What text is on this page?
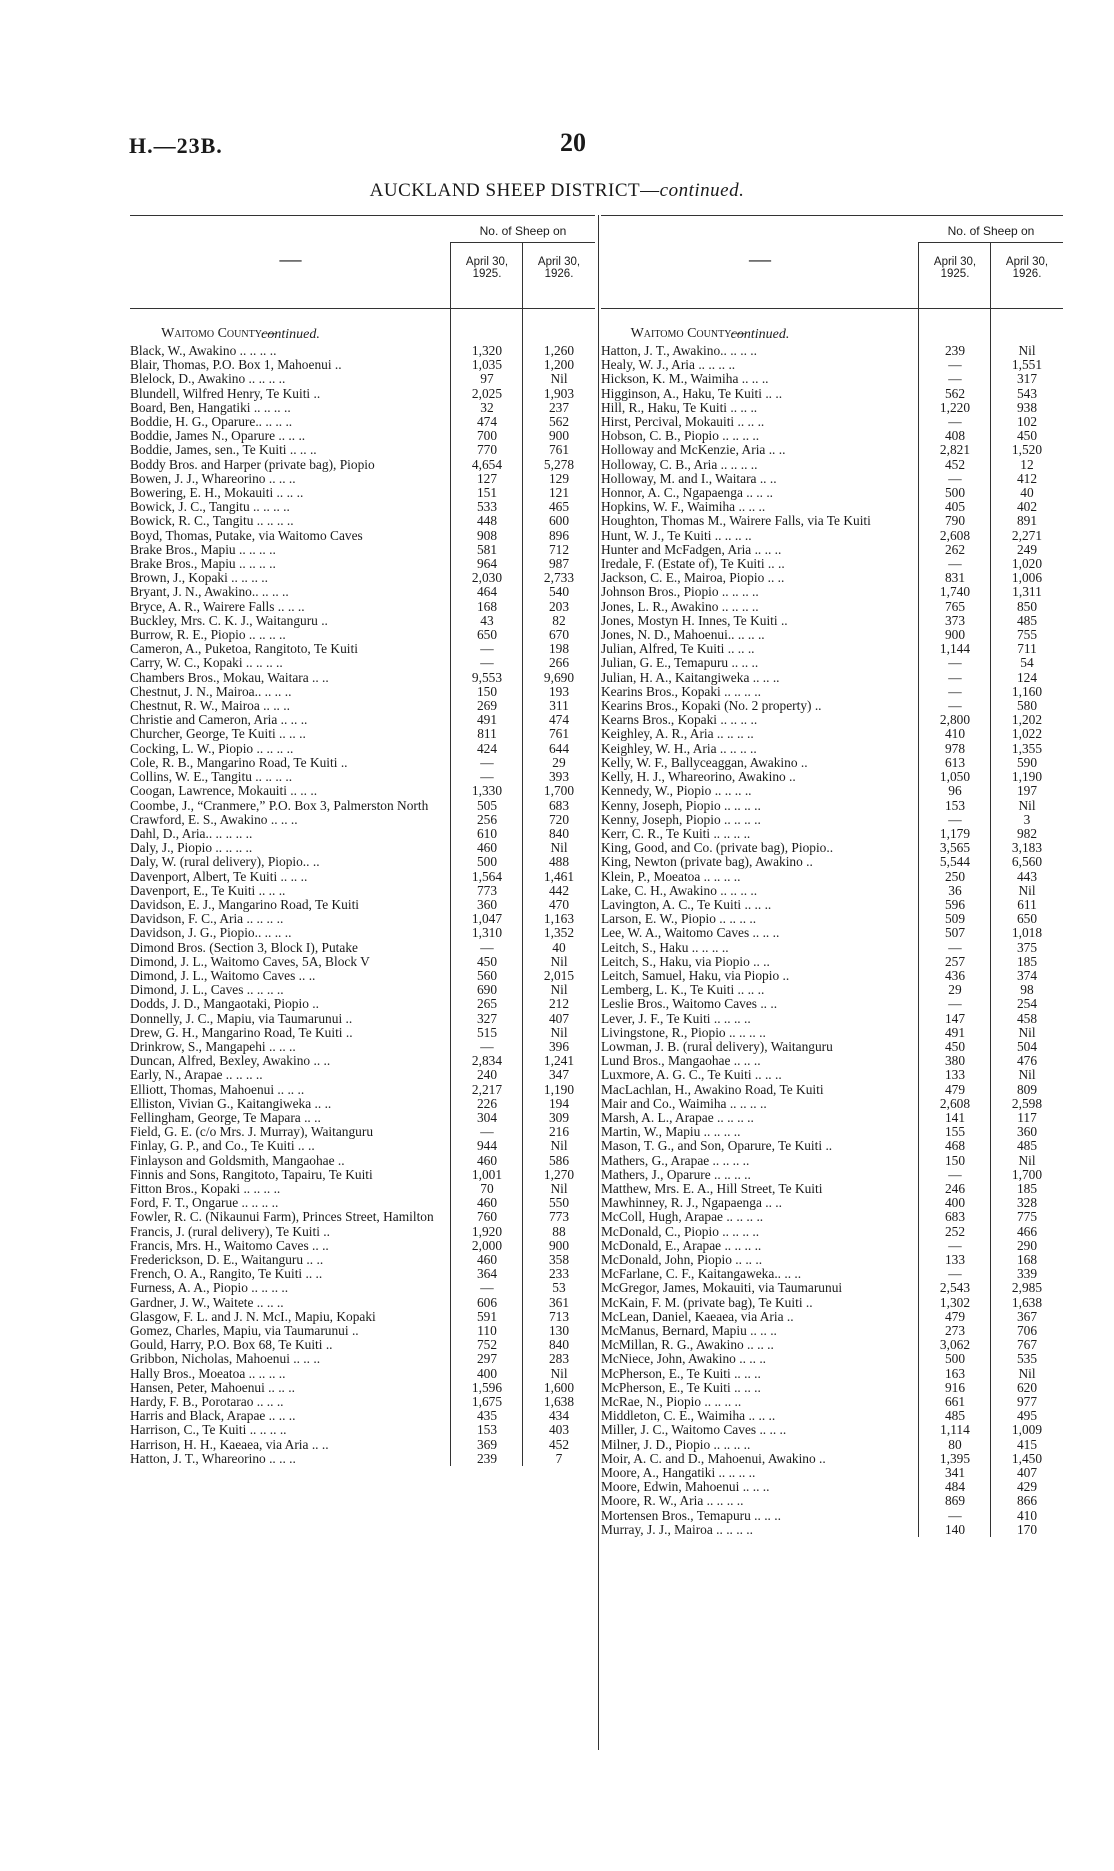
H.—23B.	20
AUCKLAND SHEEP DISTRICT—continued.
—
No. of Sheep on
April 30, 1925.
April 30, 1926.
Waitomo County—
continued.
Black, W., Awakino .. .. .. ..	1,320	1,260
Blair, Thomas, P.O. Box 1, Mahoenui ..	1,035	1,200
Blelock, D., Awakino .. .. .. ..	97	Nil
Blundell, Wilfred Henry, Te Kuiti ..	2,025	1,903
Board, Ben, Hangatiki .. .. .. ..	32	237
Boddie, H. G., Oparure.. .. .. ..	474	562
Boddie, James N., Oparure .. .. ..	700	900
Boddie, James, sen., Te Kuiti .. .. ..	770	761
Boddy Bros. and Harper (private bag), Piopio	4,654	5,278
Bowen, J. J., Whareorino .. .. ..	127	129
Bowering, E. H., Mokauiti .. .. ..	151	121
Bowick, J. C., Tangitu .. .. .. ..	533	465
Bowick, R. C., Tangitu .. .. .. ..	448	600
Boyd, Thomas, Putake, via Waitomo Caves	908	896
Brake Bros., Mapiu .. .. .. ..	581	712
Brake Bros., Mapiu .. .. .. ..	964	987
Brown, J., Kopaki .. .. .. ..	2,030	2,733
Bryant, J. N., Awakino.. .. .. ..	464	540
Bryce, A. R., Wairere Falls .. .. ..	168	203
Buckley, Mrs. C. K. J., Waitanguru ..	43	82
Burrow, R. E., Piopio .. .. .. ..	650	670
Cameron, A., Puketoa, Rangitoto, Te Kuiti	—	198
Carry, W. C., Kopaki .. .. .. ..	—	266
Chambers Bros., Mokau, Waitara .. ..	9,553	9,690
Chestnut, J. N., Mairoa.. .. .. ..	150	193
Chestnut, R. W., Mairoa .. .. ..	269	311
Christie and Cameron, Aria .. .. ..	491	474
Churcher, George, Te Kuiti .. .. ..	811	761
Cocking, L. W., Piopio .. .. .. ..	424	644
Cole, R. B., Mangarino Road, Te Kuiti ..	—	29
Collins, W. E., Tangitu .. .. .. ..	—	393
Coogan, Lawrence, Mokauiti .. .. ..	1,330	1,700
Coombe, J., “Cranmere,” P.O. Box 3, Palmerston North	505	683
Crawford, E. S., Awakino .. .. ..	256	720
Dahl, D., Aria.. .. .. .. ..	610	840
Daly, J., Piopio .. .. .. ..	460	Nil
Daly, W. (rural delivery), Piopio.. ..	500	488
Davenport, Albert, Te Kuiti .. .. ..	1,564	1,461
Davenport, E., Te Kuiti .. .. ..	773	442
Davidson, E. J., Mangarino Road, Te Kuiti	360	470
Davidson, F. C., Aria .. .. .. ..	1,047	1,163
Davidson, J. G., Piopio.. .. .. ..	1,310	1,352
Dimond Bros. (Section 3, Block I), Putake	—	40
Dimond, J. L., Waitomo Caves, 5A, Block V	450	Nil
Dimond, J. L., Waitomo Caves .. ..	560	2,015
Dimond, J. L., Caves .. .. .. ..	690	Nil
Dodds, J. D., Mangaotaki, Piopio ..	265	212
Donnelly, J. C., Mapiu, via Taumarunui ..	327	407
Drew, G. H., Mangarino Road, Te Kuiti ..	515	Nil
Drinkrow, S., Mangapehi .. .. ..	—	396
Duncan, Alfred, Bexley, Awakino .. ..	2,834	1,241
Early, N., Arapae .. .. .. ..	240	347
Elliott, Thomas, Mahoenui .. .. ..	2,217	1,190
Elliston, Vivian G., Kaitangiweka .. ..	226	194
Fellingham, George, Te Mapara .. ..	304	309
Field, G. E. (c/o Mrs. J. Murray), Waitanguru	—	216
Finlay, G. P., and Co., Te Kuiti .. ..	944	Nil
Finlayson and Goldsmith, Mangaohae ..	460	586
Finnis and Sons, Rangitoto, Tapairu, Te Kuiti	1,001	1,270
Fitton Bros., Kopaki .. .. .. ..	70	Nil
Ford, F. T., Ongarue .. .. .. ..	460	550
Fowler, R. C. (Nikaunui Farm), Princes Street, Hamilton	760	773
Francis, J. (rural delivery), Te Kuiti ..	1,920	88
Francis, Mrs. H., Waitomo Caves .. ..	2,000	900
Frederickson, D. E., Waitanguru .. ..	460	358
French, O. A., Rangito, Te Kuiti .. ..	364	233
Furness, A. A., Piopio .. .. .. ..	—	53
Gardner, J. W., Waitete .. .. ..	606	361
Glasgow, F. L. and J. N. McI., Mapiu, Kopaki	591	713
Gomez, Charles, Mapiu, via Taumarunui ..	110	130
Gould, Harry, P.O. Box 68, Te Kuiti ..	752	840
Gribbon, Nicholas, Mahoenui .. .. ..	297	283
Hally Bros., Moeatoa .. .. .. ..	400	Nil
Hansen, Peter, Mahoenui .. .. ..	1,596	1,600
Hardy, F. B., Porotarao .. .. ..	1,675	1,638
Harris and Black, Arapae .. .. ..	435	434
Harrison, C., Te Kuiti .. .. .. ..	153	403
Harrison, H. H., Kaeaea, via Aria .. ..	369	452
Hatton, J. T., Whareorino .. .. ..	239	7
—
No. of Sheep on
April 30, 1925.
April 30, 1926.
Waitomo County—
continued.
Hatton, J. T., Awakino.. .. .. ..	239	Nil
Healy, W. J., Aria .. .. .. ..	—	1,551
Hickson, K. M., Waimiha .. .. ..	—	317
Higginson, A., Haku, Te Kuiti .. ..	562	543
Hill, R., Haku, Te Kuiti .. .. ..	1,220	938
Hirst, Percival, Mokauiti .. .. ..	—	102
Hobson, C. B., Piopio .. .. .. ..	408	450
Holloway and McKenzie, Aria .. ..	2,821	1,520
Holloway, C. B., Aria .. .. .. ..	452	12
Holloway, M. and I., Waitara .. ..	—	412
Honnor, A. C., Ngapaenga .. .. ..	500	40
Hopkins, W. F., Waimiha .. .. ..	405	402
Houghton, Thomas M., Wairere Falls, via Te Kuiti	790	891
Hunt, W. J., Te Kuiti .. .. .. ..	2,608	2,271
Hunter and McFadgen, Aria .. .. ..	262	249
Iredale, F. (Estate of), Te Kuiti .. ..	—	1,020
Jackson, C. E., Mairoa, Piopio .. ..	831	1,006
Johnson Bros., Piopio .. .. .. ..	1,740	1,311
Jones, L. R., Awakino .. .. .. ..	765	850
Jones, Mostyn H. Innes, Te Kuiti ..	373	485
Jones, N. D., Mahoenui.. .. .. ..	900	755
Julian, Alfred, Te Kuiti .. .. ..	1,144	711
Julian, G. E., Temapuru .. .. ..	—	54
Julian, H. A., Kaitangiweka .. .. ..	—	124
Kearins Bros., Kopaki .. .. .. ..	—	1,160
Kearins Bros., Kopaki (No. 2 property) ..	—	580
Kearns Bros., Kopaki .. .. .. ..	2,800	1,202
Keighley, A. R., Aria .. .. .. ..	410	1,022
Keighley, W. H., Aria .. .. .. ..	978	1,355
Kelly, W. F., Ballyceaggan, Awakino ..	613	590
Kelly, H. J., Whareorino, Awakino ..	1,050	1,190
Kennedy, W., Piopio .. .. .. ..	96	197
Kenny, Joseph, Piopio .. .. .. ..	153	Nil
Kenny, Joseph, Piopio .. .. .. ..	—	3
Kerr, C. R., Te Kuiti .. .. .. ..	1,179	982
King, Good, and Co. (private bag), Piopio..	3,565	3,183
King, Newton (private bag), Awakino ..	5,544	6,560
Klein, P., Moeatoa .. .. .. ..	250	443
Lake, C. H., Awakino .. .. .. ..	36	Nil
Lavington, A. C., Te Kuiti .. .. ..	596	611
Larson, E. W., Piopio .. .. .. ..	509	650
Lee, W. A., Waitomo Caves .. .. ..	507	1,018
Leitch, S., Haku .. .. .. ..	—	375
Leitch, S., Haku, via Piopio .. ..	257	185
Leitch, Samuel, Haku, via Piopio ..	436	374
Lemberg, L. K., Te Kuiti .. .. ..	29	98
Leslie Bros., Waitomo Caves .. ..	—	254
Lever, J. F., Te Kuiti .. .. .. ..	147	458
Livingstone, R., Piopio .. .. .. ..	491	Nil
Lowman, J. B. (rural delivery), Waitanguru	450	504
Lund Bros., Mangaohae .. .. ..	380	476
Luxmore, A. G. C., Te Kuiti .. .. ..	133	Nil
MacLachlan, H., Awakino Road, Te Kuiti	479	809
Mair and Co., Waimiha .. .. .. ..	2,608	2,598
Marsh, A. L., Arapae .. .. .. ..	141	117
Martin, W., Mapiu .. .. .. ..	155	360
Mason, T. G., and Son, Oparure, Te Kuiti ..	468	485
Mathers, G., Arapae .. .. .. ..	150	Nil
Mathers, J., Oparure .. .. .. ..	—	1,700
Matthew, Mrs. E. A., Hill Street, Te Kuiti	246	185
Mawhinney, R. J., Ngapaenga .. ..	400	328
McColl, Hugh, Arapae .. .. .. ..	683	775
McDonald, C., Piopio .. .. .. ..	252	466
McDonald, E., Arapae .. .. .. ..	—	290
McDonald, John, Piopio .. .. ..	133	168
McFarlane, C. F., Kaitangaweka.. .. ..	—	339
McGregor, James, Mokauiti, via Taumarunui	2,543	2,985
McKain, F. M. (private bag), Te Kuiti ..	1,302	1,638
McLean, Daniel, Kaeaea, via Aria ..	479	367
McManus, Bernard, Mapiu .. .. ..	273	706
McMillan, R. G., Awakino .. .. ..	3,062	767
McNiece, John, Awakino .. .. ..	500	535
McPherson, E., Te Kuiti .. .. ..	163	Nil
McPherson, E., Te Kuiti .. .. ..	916	620
McRae, N., Piopio .. .. .. ..	661	977
Middleton, C. E., Waimiha .. .. ..	485	495
Miller, J. C., Waitomo Caves .. .. ..	1,114	1,009
Milner, J. D., Piopio .. .. .. ..	80	415
Moir, A. C. and D., Mahoenui, Awakino ..	1,395	1,450
Moore, A., Hangatiki .. .. .. ..	341	407
Moore, Edwin, Mahoenui .. .. ..	484	429
Moore, R. W., Aria .. .. .. ..	869	866
Mortensen Bros., Temapuru .. .. ..	—	410
Murray, J. J., Mairoa .. .. .. ..	140	170
